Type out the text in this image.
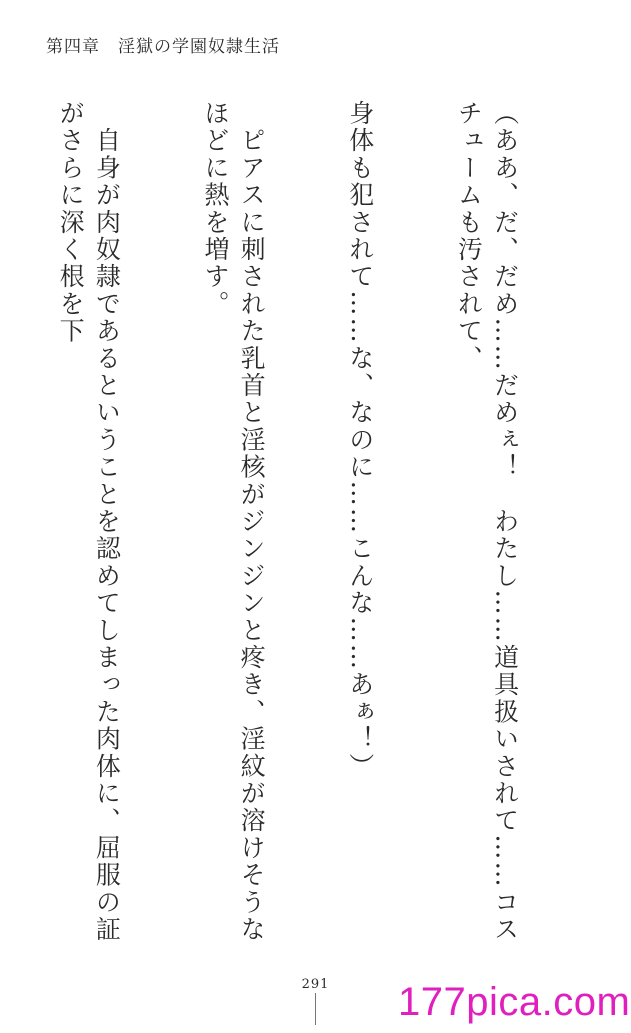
第四章　 淫獄の学園奴隷生活

（ああ、だ、だめ……だめぇ！　わたし……道具扱いされて……コスチュームも汚されて、

身体も犯されて……な、なのに……こんな……あぁ！）

　ピアスに刺された乳首と淫核がジンジンと疼き、淫紋が溶けそうなほどに熱を増す。

　自身が肉奴隷であるということを認めてしまった肉体に、屈服の証がさらに深く根を下

291	177pica.com
